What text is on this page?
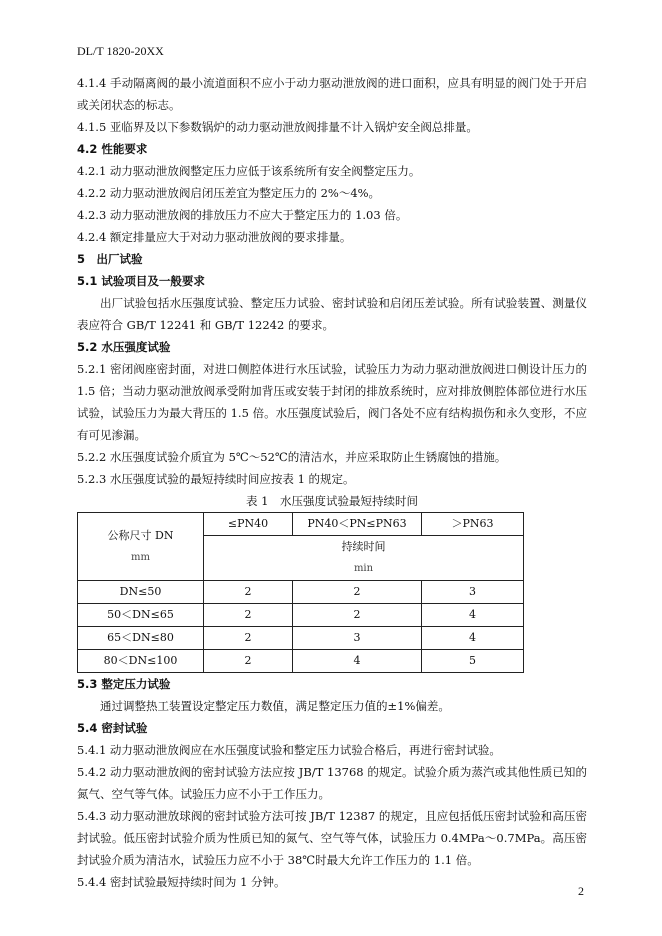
DL/T 1820-20XX

4.1.4 手动隔离阀的最小流道面积不应小于动力驱动泄放阀的进口面积，应具有明显的阀门处于开启或关闭状态的标志。

4.1.5 亚临界及以下参数锅炉的动力驱动泄放阀排量不计入锅炉安全阀总排量。

4.2 性能要求

4.2.1 动力驱动泄放阀整定压力应低于该系统所有安全阀整定压力。

4.2.2 动力驱动泄放阀启闭压差宜为整定压力的 2%～4%。

4.2.3 动力驱动泄放阀的排放压力不应大于整定压力的 1.03 倍。

4.2.4 额定排量应大于对动力驱动泄放阀的要求排量。

5　出厂试验

5.1 试验项目及一般要求

出厂试验包括水压强度试验、整定压力试验、密封试验和启闭压差试验。所有试验装置、测量仪表应符合 GB/T 12241 和 GB/T 12242 的要求。

5.2 水压强度试验

5.2.1 密闭阀座密封面，对进口侧腔体进行水压试验，试验压力为动力驱动泄放阀进口侧设计压力的 1.5 倍；当动力驱动泄放阀承受附加背压或安装于封闭的排放系统时，应对排放侧腔体部位进行水压试验，试验压力为最大背压的 1.5 倍。水压强度试验后，阀门各处不应有结构损伤和永久变形，不应有可见渗漏。

5.2.2 水压强度试验介质宜为 5℃～52℃的清洁水，并应采取防止生锈腐蚀的措施。

5.2.3 水压强度试验的最短持续时间应按表 1 的规定。

表 1　水压强度试验最短持续时间

公称尺寸 DN
mm	≤PN40	PN40＜PN≤PN63	＞PN63

	持续时间
min		

DN≤50	2	2	3
50＜DN≤65	2	2	4
65＜DN≤80	2	3	4
80＜DN≤100	2	4	5

5.3 整定压力试验

通过调整热工装置设定整定压力数值，满足整定压力值的±1%偏差。

5.4 密封试验

5.4.1 动力驱动泄放阀应在水压强度试验和整定压力试验合格后，再进行密封试验。

5.4.2 动力驱动泄放阀的密封试验方法应按 JB/T 13768 的规定。试验介质为蒸汽或其他性质已知的氮气、空气等气体。试验压力应不小于工作压力。

5.4.3 动力驱动泄放球阀的密封试验方法可按 JB/T 12387 的规定，且应包括低压密封试验和高压密封试验。低压密封试验介质为性质已知的氮气、空气等气体，试验压力 0.4MPa～0.7MPa。高压密封试验介质为清洁水，试验压力应不小于 38℃时最大允许工作压力的 1.1 倍。

5.4.4 密封试验最短持续时间为 1 分钟。

2
